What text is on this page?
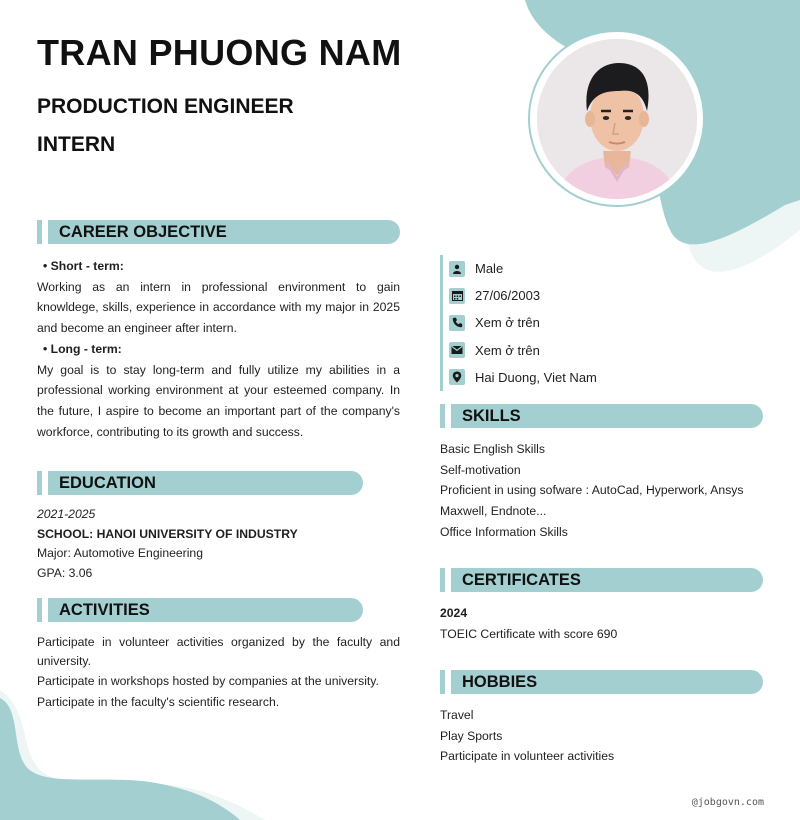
TRAN PHUONG NAM
PRODUCTION ENGINEER
INTERN
CAREER OBJECTIVE
• Short - term:
Working as an intern in professional environment to gain knowldege, skills, experience in accordance with my major in 2025 and become an engineer after intern.
• Long - term:
My goal is to stay long-term and fully utilize my abilities in a professional working environment at your esteemed company. In the future, I aspire to become an important part of the company's workforce, contributing to its growth and success.
EDUCATION
2021-2025
SCHOOL: HANOI UNIVERSITY OF INDUSTRY
Major: Automotive Engineering
GPA: 3.06
ACTIVITIES
Participate in volunteer activities organized by the faculty and university.
Participate in workshops hosted by companies at the university.
Participate in the faculty's scientific research.
Male
27/06/2003
Xem ở trên
Xem ở trên
Hai Duong, Viet Nam
SKILLS
Basic English Skills
Self-motivation
Proficient in using sofware : AutoCad, Hyperwork, Ansys Maxwell, Endnote...
Office Information Skills
CERTIFICATES
2024
TOEIC Certificate with score 690
HOBBIES
Travel
Play Sports
Participate in volunteer activities
@jobgovn.com
